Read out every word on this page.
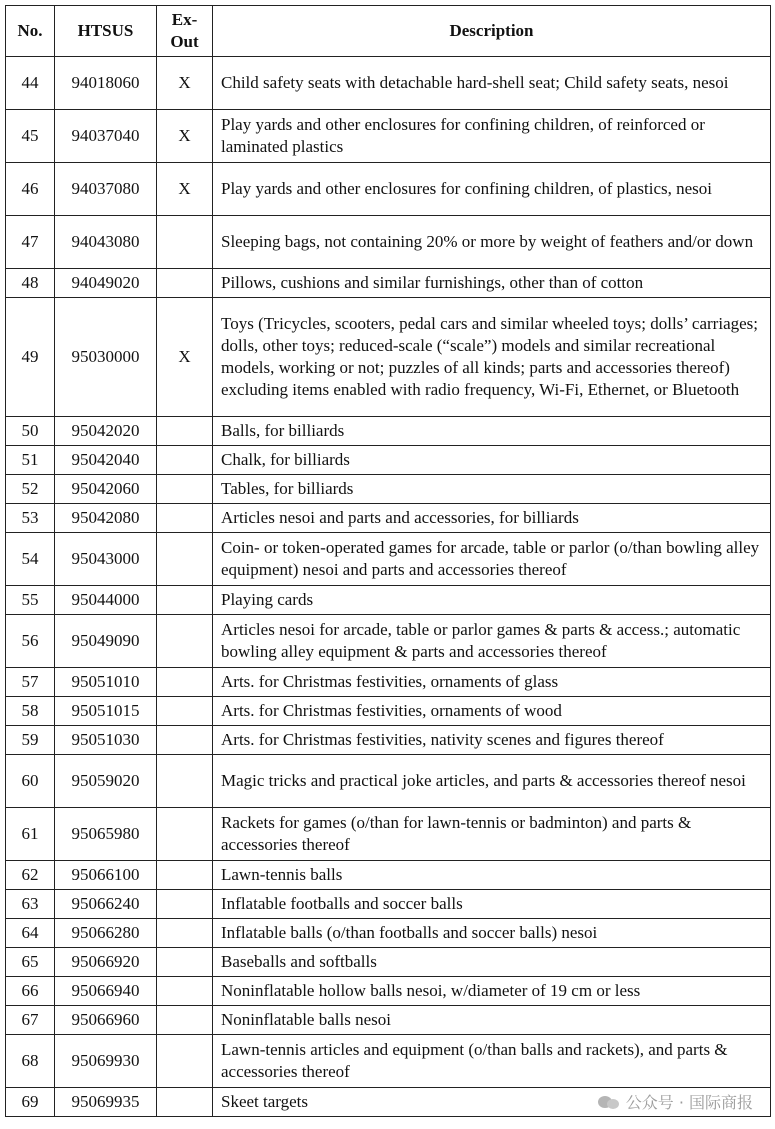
No.	HTSUS	Ex-Out	Description
44	94018060	X	Child safety seats with detachable hard-shell seat; Child safety seats, nesoi
45	94037040	X	Play yards and other enclosures for confining children, of reinforced or laminated plastics
46	94037080	X	Play yards and other enclosures for confining children, of plastics, nesoi
47	94043080		Sleeping bags, not containing 20% or more by weight of feathers and/or down
48	94049020		Pillows, cushions and similar furnishings, other than of cotton
49	95030000	X	Toys (Tricycles, scooters, pedal cars and similar wheeled toys; dolls’ carriages; dolls, other toys; reduced-scale (“scale”) models and similar recreational models, working or not; puzzles of all kinds; parts and accessories thereof) excluding items enabled with radio frequency, Wi-Fi, Ethernet, or Bluetooth
50	95042020		Balls, for billiards
51	95042040		Chalk, for billiards
52	95042060		Tables, for billiards
53	95042080		Articles nesoi and parts and accessories, for billiards
54	95043000		Coin- or token-operated games for arcade, table or parlor (o/than bowling alley equipment) nesoi and parts and accessories thereof
55	95044000		Playing cards
56	95049090		Articles nesoi for arcade, table or parlor games & parts & access.; automatic bowling alley equipment & parts and accessories thereof
57	95051010		Arts. for Christmas festivities, ornaments of glass
58	95051015		Arts. for Christmas festivities, ornaments of wood
59	95051030		Arts. for Christmas festivities, nativity scenes and figures thereof
60	95059020		Magic tricks and practical joke articles, and parts & accessories thereof nesoi
61	95065980		Rackets for games (o/than for lawn-tennis or badminton) and parts & accessories thereof
62	95066100		Lawn-tennis balls
63	95066240		Inflatable footballs and soccer balls
64	95066280		Inflatable balls (o/than footballs and soccer balls) nesoi
65	95066920		Baseballs and softballs
66	95066940		Noninflatable hollow balls nesoi, w/diameter of 19 cm or less
67	95066960		Noninflatable balls nesoi
68	95069930		Lawn-tennis articles and equipment (o/than balls and rackets), and parts & accessories thereof
69	95069935		Skeet targets	公众号 · 国际商报
